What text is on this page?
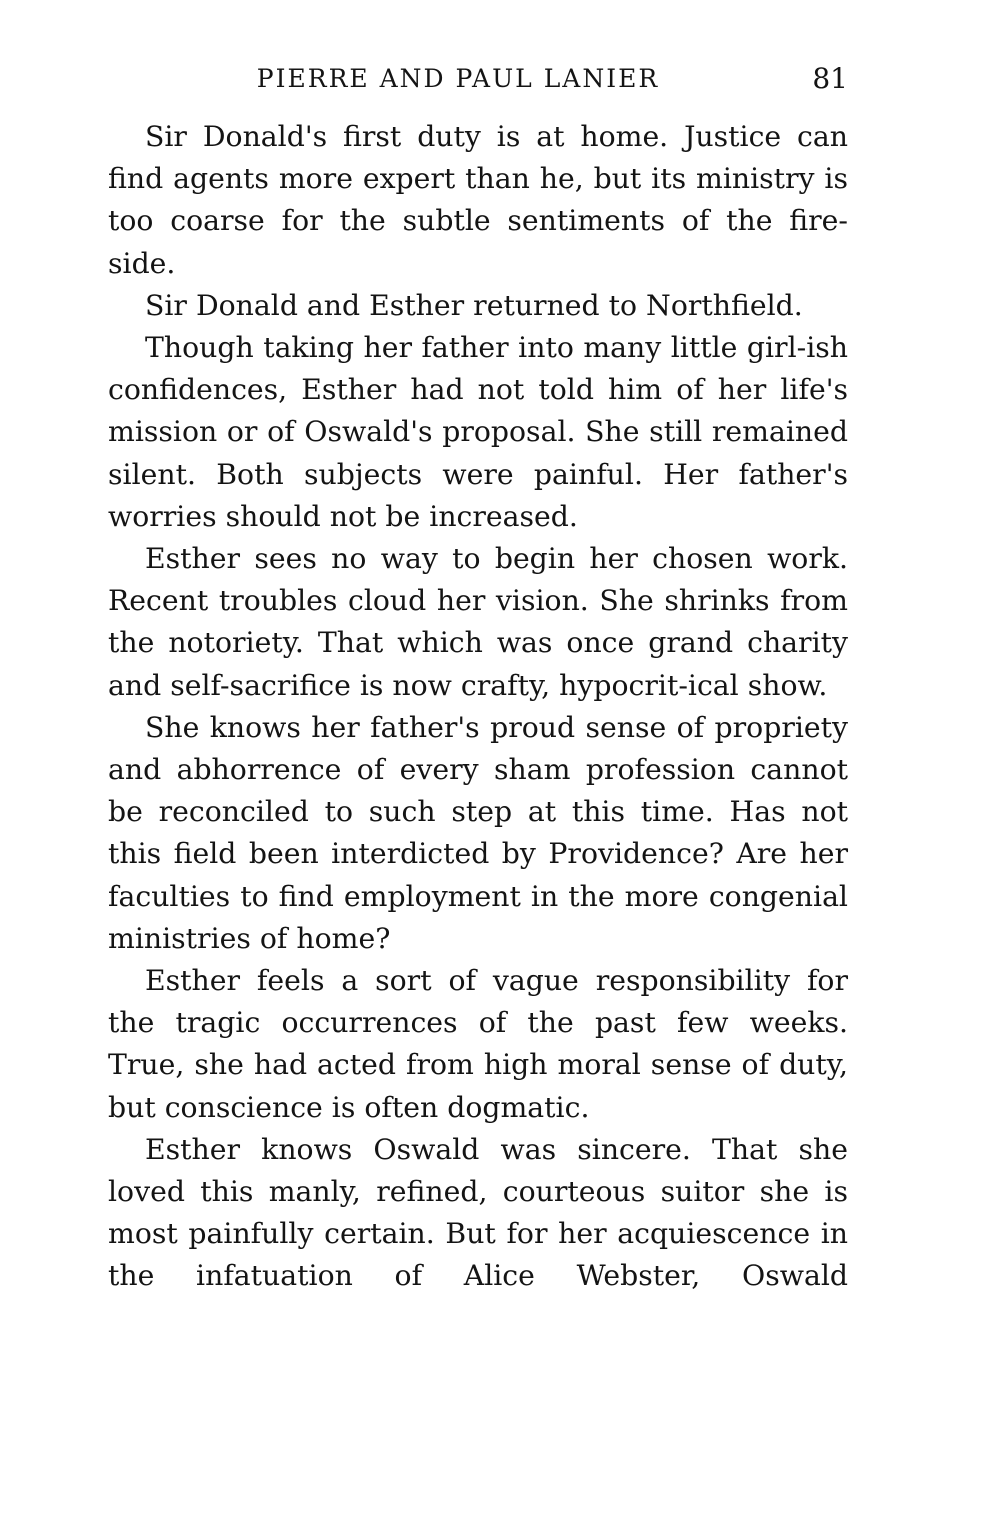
PIERRE AND PAUL LANIER	81

Sir Donald's first duty is at home. Justice can find agents more expert than he, but its ministry is too coarse for the subtle sentiments of the fire-side.

Sir Donald and Esther returned to Northfield.

Though taking her father into many little girl-ish confidences, Esther had not told him of her life's mission or of Oswald's proposal. She still remained silent. Both subjects were painful. Her father's worries should not be increased.

Esther sees no way to begin her chosen work. Recent troubles cloud her vision. She shrinks from the notoriety. That which was once grand charity and self-sacrifice is now crafty, hypocrit-ical show.

She knows her father's proud sense of propriety and abhorrence of every sham profession cannot be reconciled to such step at this time. Has not this field been interdicted by Providence? Are her faculties to find employment in the more congenial ministries of home?

Esther feels a sort of vague responsibility for the tragic occurrences of the past few weeks. True, she had acted from high moral sense of duty, but conscience is often dogmatic.

Esther knows Oswald was sincere. That she loved this manly, refined, courteous suitor she is most painfully certain. But for her acquiescence in the infatuation of Alice Webster, Oswald
